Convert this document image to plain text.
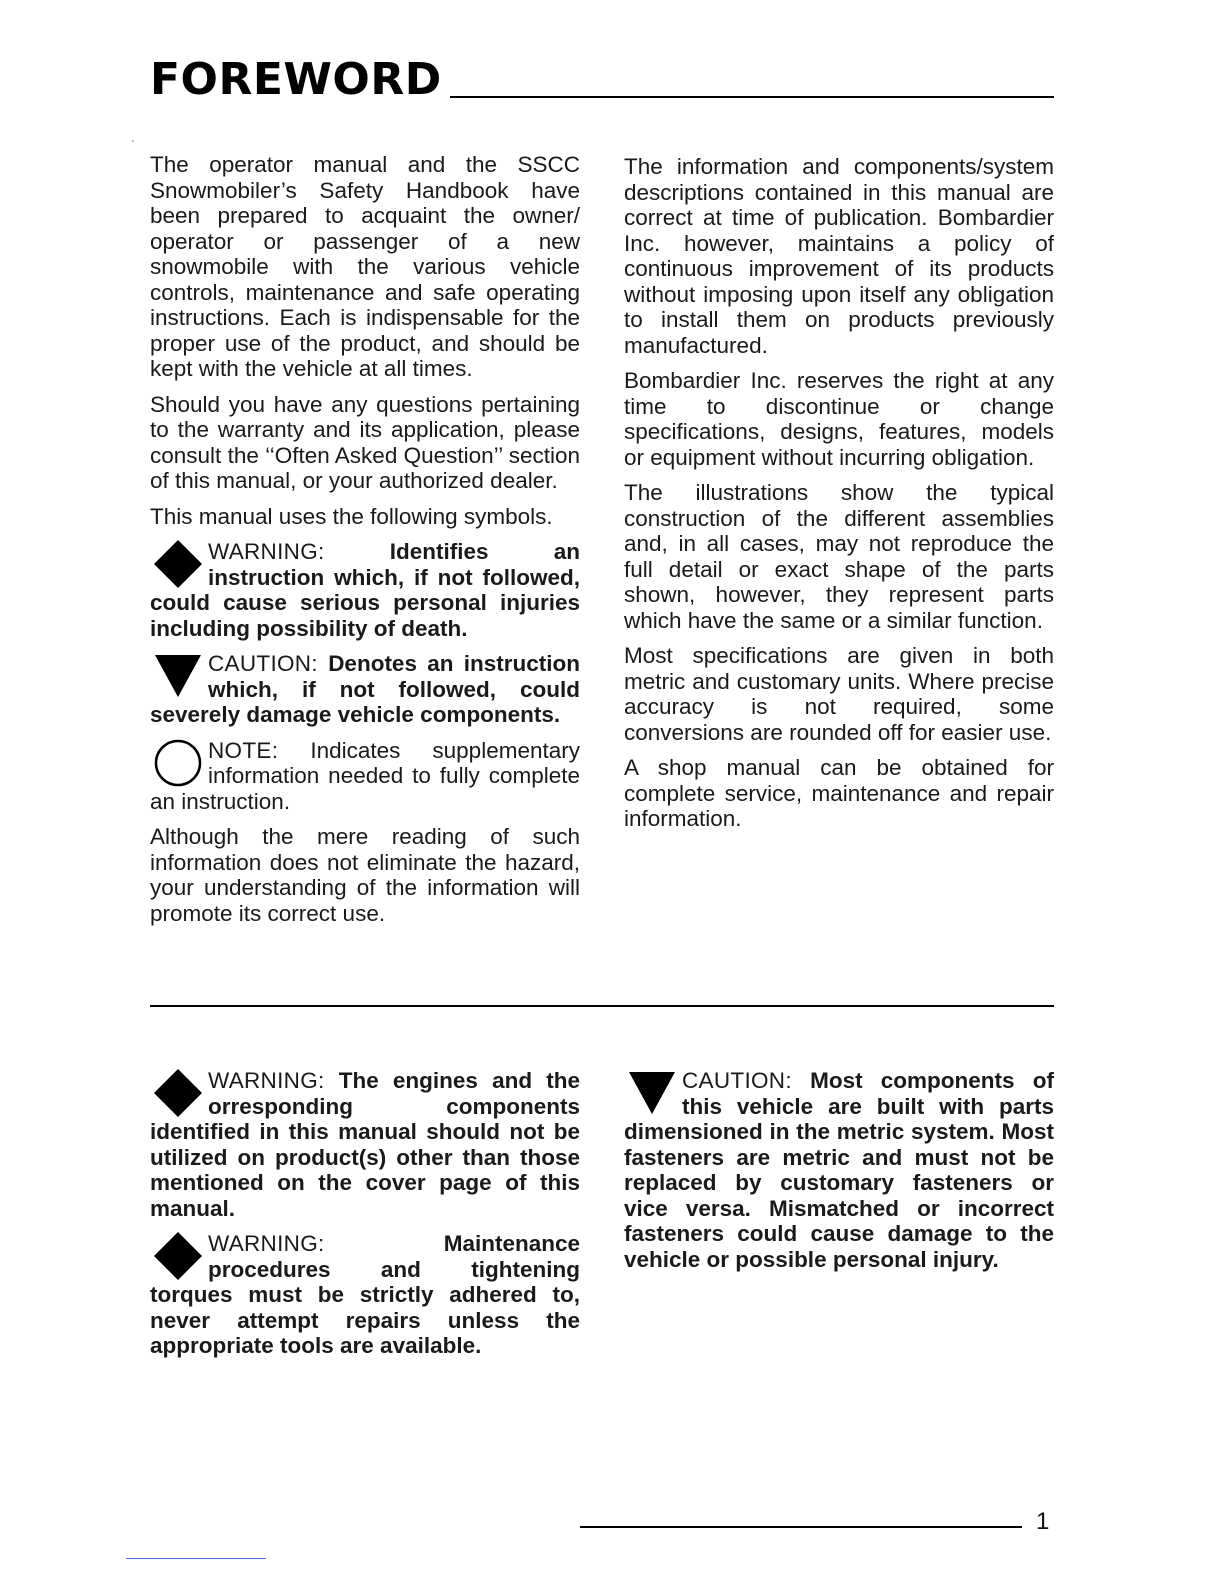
FOREWORD

The operator manual and the SSCC Snowmobiler’s Safety Handbook have been prepared to acquaint the owner/ operator or passenger of a new snowmobile with the various vehicle controls, maintenance and safe operating instructions. Each is indispensable for the proper use of the product, and should be kept with the vehicle at all times.

Should you have any questions pertaining to the warranty and its application, please consult the ‘‘Often Asked Question’’ section of this manual, or your authorized dealer.

This manual uses the following symbols.

WARNING:	Identifies an instruction which, if not followed, could cause serious personal injuries including possibility of death.
CAUTION: Denotes an instruction which, if not followed, could severely damage vehicle components.
NOTE: Indicates supplementary information needed to fully complete an instruction.

Although the mere reading of such information does not eliminate the hazard, your understanding of the information will promote its correct use.

The information and components/system descriptions contained in this manual are correct at time of publication. Bombardier Inc. however, maintains a policy of continuous improvement of its products without imposing upon itself any obligation to install them on products previously manufactured.

Bombardier Inc. reserves the right at any time to discontinue or change specifications, designs, features, models or equipment without incurring obligation.

The illustrations show the typical construction of the different assemblies and, in all cases, may not reproduce the full detail or exact shape of the parts shown, however, they represent parts which have the same or a similar function.

Most specifications are given in both metric and customary units. Where precise accuracy is not required, some conversions are rounded off for easier use.

A shop manual can be obtained for complete service, maintenance and repair information.

WARNING: The engines and the orresponding components identified in this manual should not be utilized on product(s) other than those mentioned on the cover page of this manual.
WARNING:	Maintenance procedures and tightening torques must be strictly adhered to, never attempt repairs unless the appropriate tools are available.
CAUTION: Most components of this vehicle are built with parts dimensioned in the metric system. Most fasteners are metric and must not be replaced by customary fasteners or vice versa. Mismatched or incorrect fasteners could cause damage to the vehicle or possible personal injury.
1
